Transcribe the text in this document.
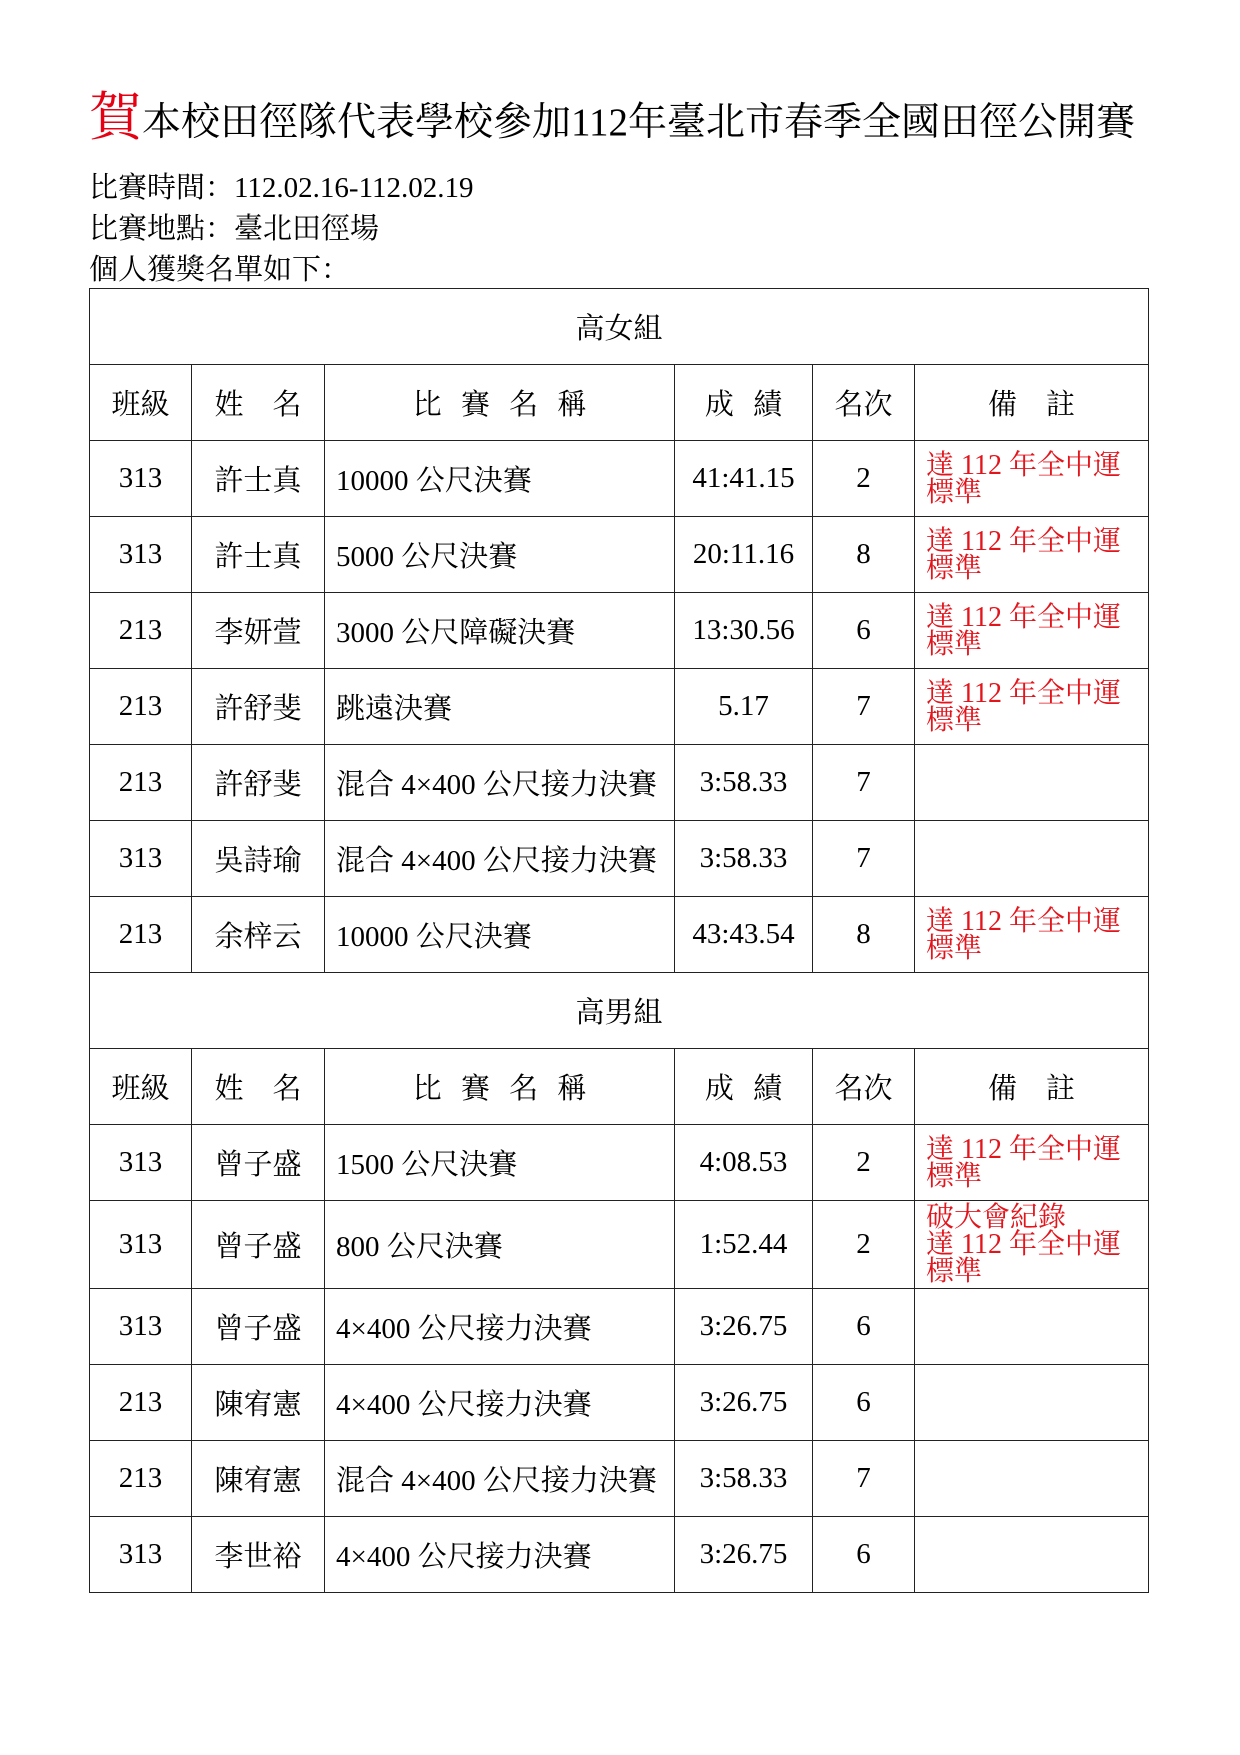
賀本校田徑隊代表學校參加112年臺北市春季全國田徑公開賽
比賽時間：112.02.16-112.02.19
比賽地點：臺北田徑場
個人獲獎名單如下：
高女組					
班級	姓　名	比 賽 名 稱	成 績	名次	備　註
313	許士真	10000 公尺決賽	41:41.15	2	達 112 年全中運
標準

313	許士真	5000 公尺決賽	20:11.16	8	達 112 年全中運
標準

213	李妍萱	3000 公尺障礙決賽	13:30.56	6	達 112 年全中運
標準

213	許舒斐	跳遠決賽	5.17	7	達 112 年全中運
標準

213	許舒斐	混合 4×400 公尺接力決賽	3:58.33	7	
313	吳詩瑜	混合 4×400 公尺接力決賽	3:58.33	7	
213	余梓云	10000 公尺決賽	43:43.54	8	達 112 年全中運
標準

高男組					
班級	姓　名	比 賽 名 稱	成 績	名次	備　註
313	曾子盛	1500 公尺決賽	4:08.53	2	達 112 年全中運
標準

313	曾子盛	800 公尺決賽	1:52.44	2	破大會紀錄
達 112 年全中運
標準

313	曾子盛	4×400 公尺接力決賽	3:26.75	6	
213	陳宥憲	4×400 公尺接力決賽	3:26.75	6	
213	陳宥憲	混合 4×400 公尺接力決賽	3:58.33	7	
313	李世裕	4×400 公尺接力決賽	3:26.75	6	
